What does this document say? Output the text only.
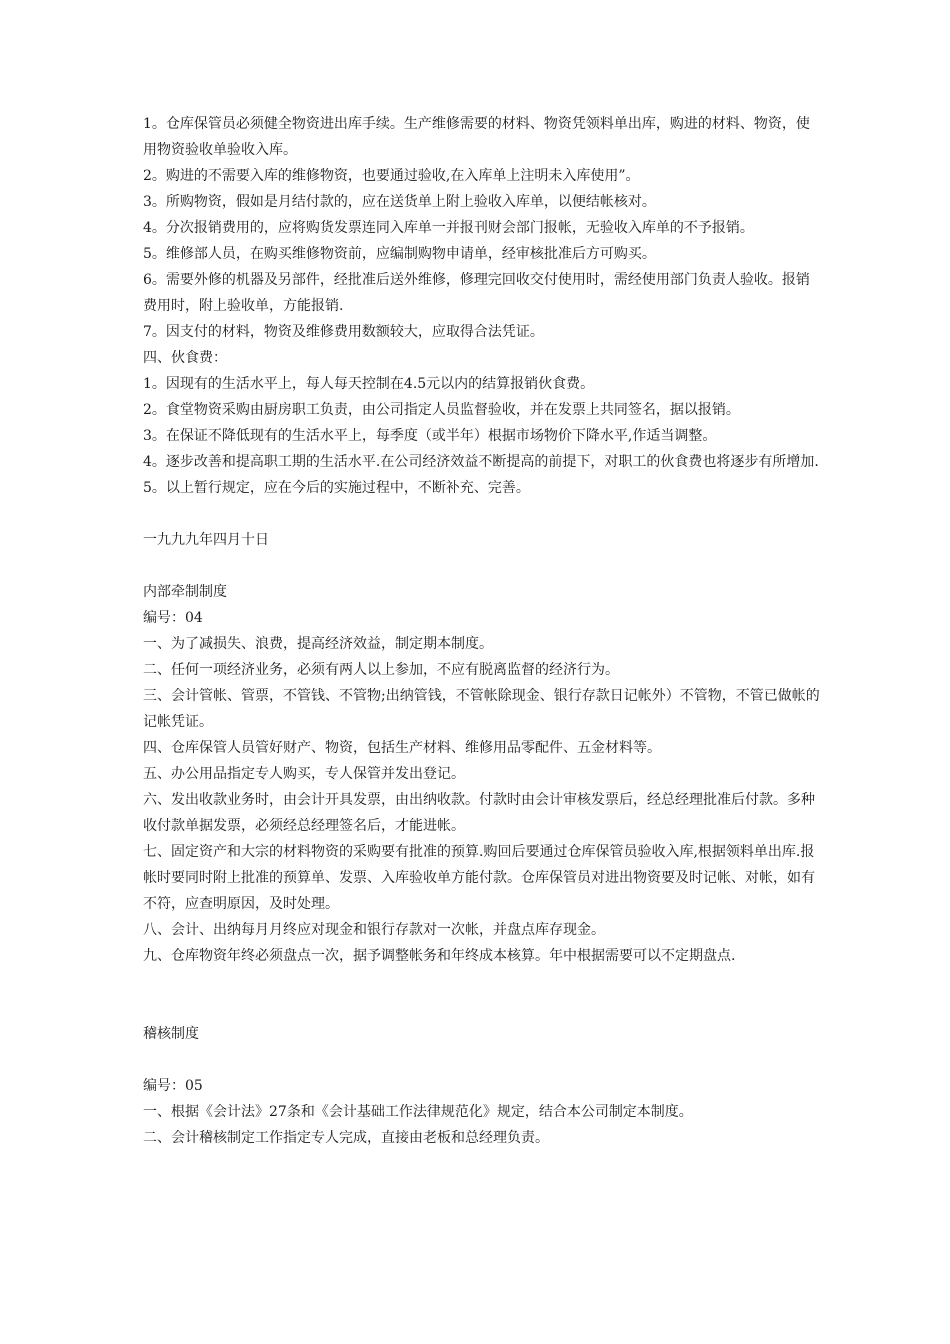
1。仓库保管员必须健全物资进出库手续。生产维修需要的材料、物资凭领料单出库，购进的材料、物资，使用物资验收单验收入库。

2。购进的不需要入库的维修物资，也要通过验收,在入库单上注明未入库使用”。

3。所购物资，假如是月结付款的，应在送货单上附上验收入库单，以便结帐核对。

4。分次报销费用的，应将购货发票连同入库单一并报刊财会部门报帐，无验收入库单的不予报销。

5。维修部人员，在购买维修物资前，应编制购物申请单，经审核批准后方可购买。

6。需要外修的机器及另部件，经批准后送外维修，修理完回收交付使用时，需经使用部门负责人验收。报销费用时，附上验收单，方能报销.

7。因支付的材料，物资及维修费用数额较大，应取得合法凭证。

四、伙食费：

1。因现有的生活水平上，每人每天控制在4.5元以内的结算报销伙食费。

2。食堂物资采购由厨房职工负责，由公司指定人员监督验收，并在发票上共同签名，据以报销。

3。在保证不降低现有的生活水平上，每季度（或半年）根据市场物价下降水平,作适当调整。

4。逐步改善和提高职工期的生活水平.在公司经济效益不断提高的前提下，对职工的伙食费也将逐步有所增加.

5。以上暂行规定，应在今后的实施过程中，不断补充、完善。

一九九九年四月十日

内部牵制制度

编号：04

一、为了减损失、浪费，提高经济效益，制定期本制度。

二、任何一项经济业务，必须有两人以上参加，不应有脱离监督的经济行为。

三、会计管帐、管票，不管钱、不管物;出纳管钱，不管帐除现金、银行存款日记帐外）不管物，不管已做帐的记帐凭证。

四、仓库保管人员管好财产、物资，包括生产材料、维修用品零配件、五金材料等。

五、办公用品指定专人购买，专人保管并发出登记。

六、发出收款业务时，由会计开具发票，由出纳收款。付款时由会计审核发票后，经总经理批准后付款。多种收付款单据发票，必须经总经理签名后，才能进帐。

七、固定资产和大宗的材料物资的采购要有批准的预算.购回后要通过仓库保管员验收入库,根据领料单出库.报帐时要同时附上批准的预算单、发票、入库验收单方能付款。仓库保管员对进出物资要及时记帐、对帐，如有不符，应查明原因，及时处理。

八、会计、出纳每月月终应对现金和银行存款对一次帐，并盘点库存现金。

九、仓库物资年终必须盘点一次，据予调整帐务和年终成本核算。年中根据需要可以不定期盘点.

稽核制度

编号：05

一、根据《会计法》27条和《会计基础工作法律规范化》规定，结合本公司制定本制度。

二、会计稽核制定工作指定专人完成，直接由老板和总经理负责。
